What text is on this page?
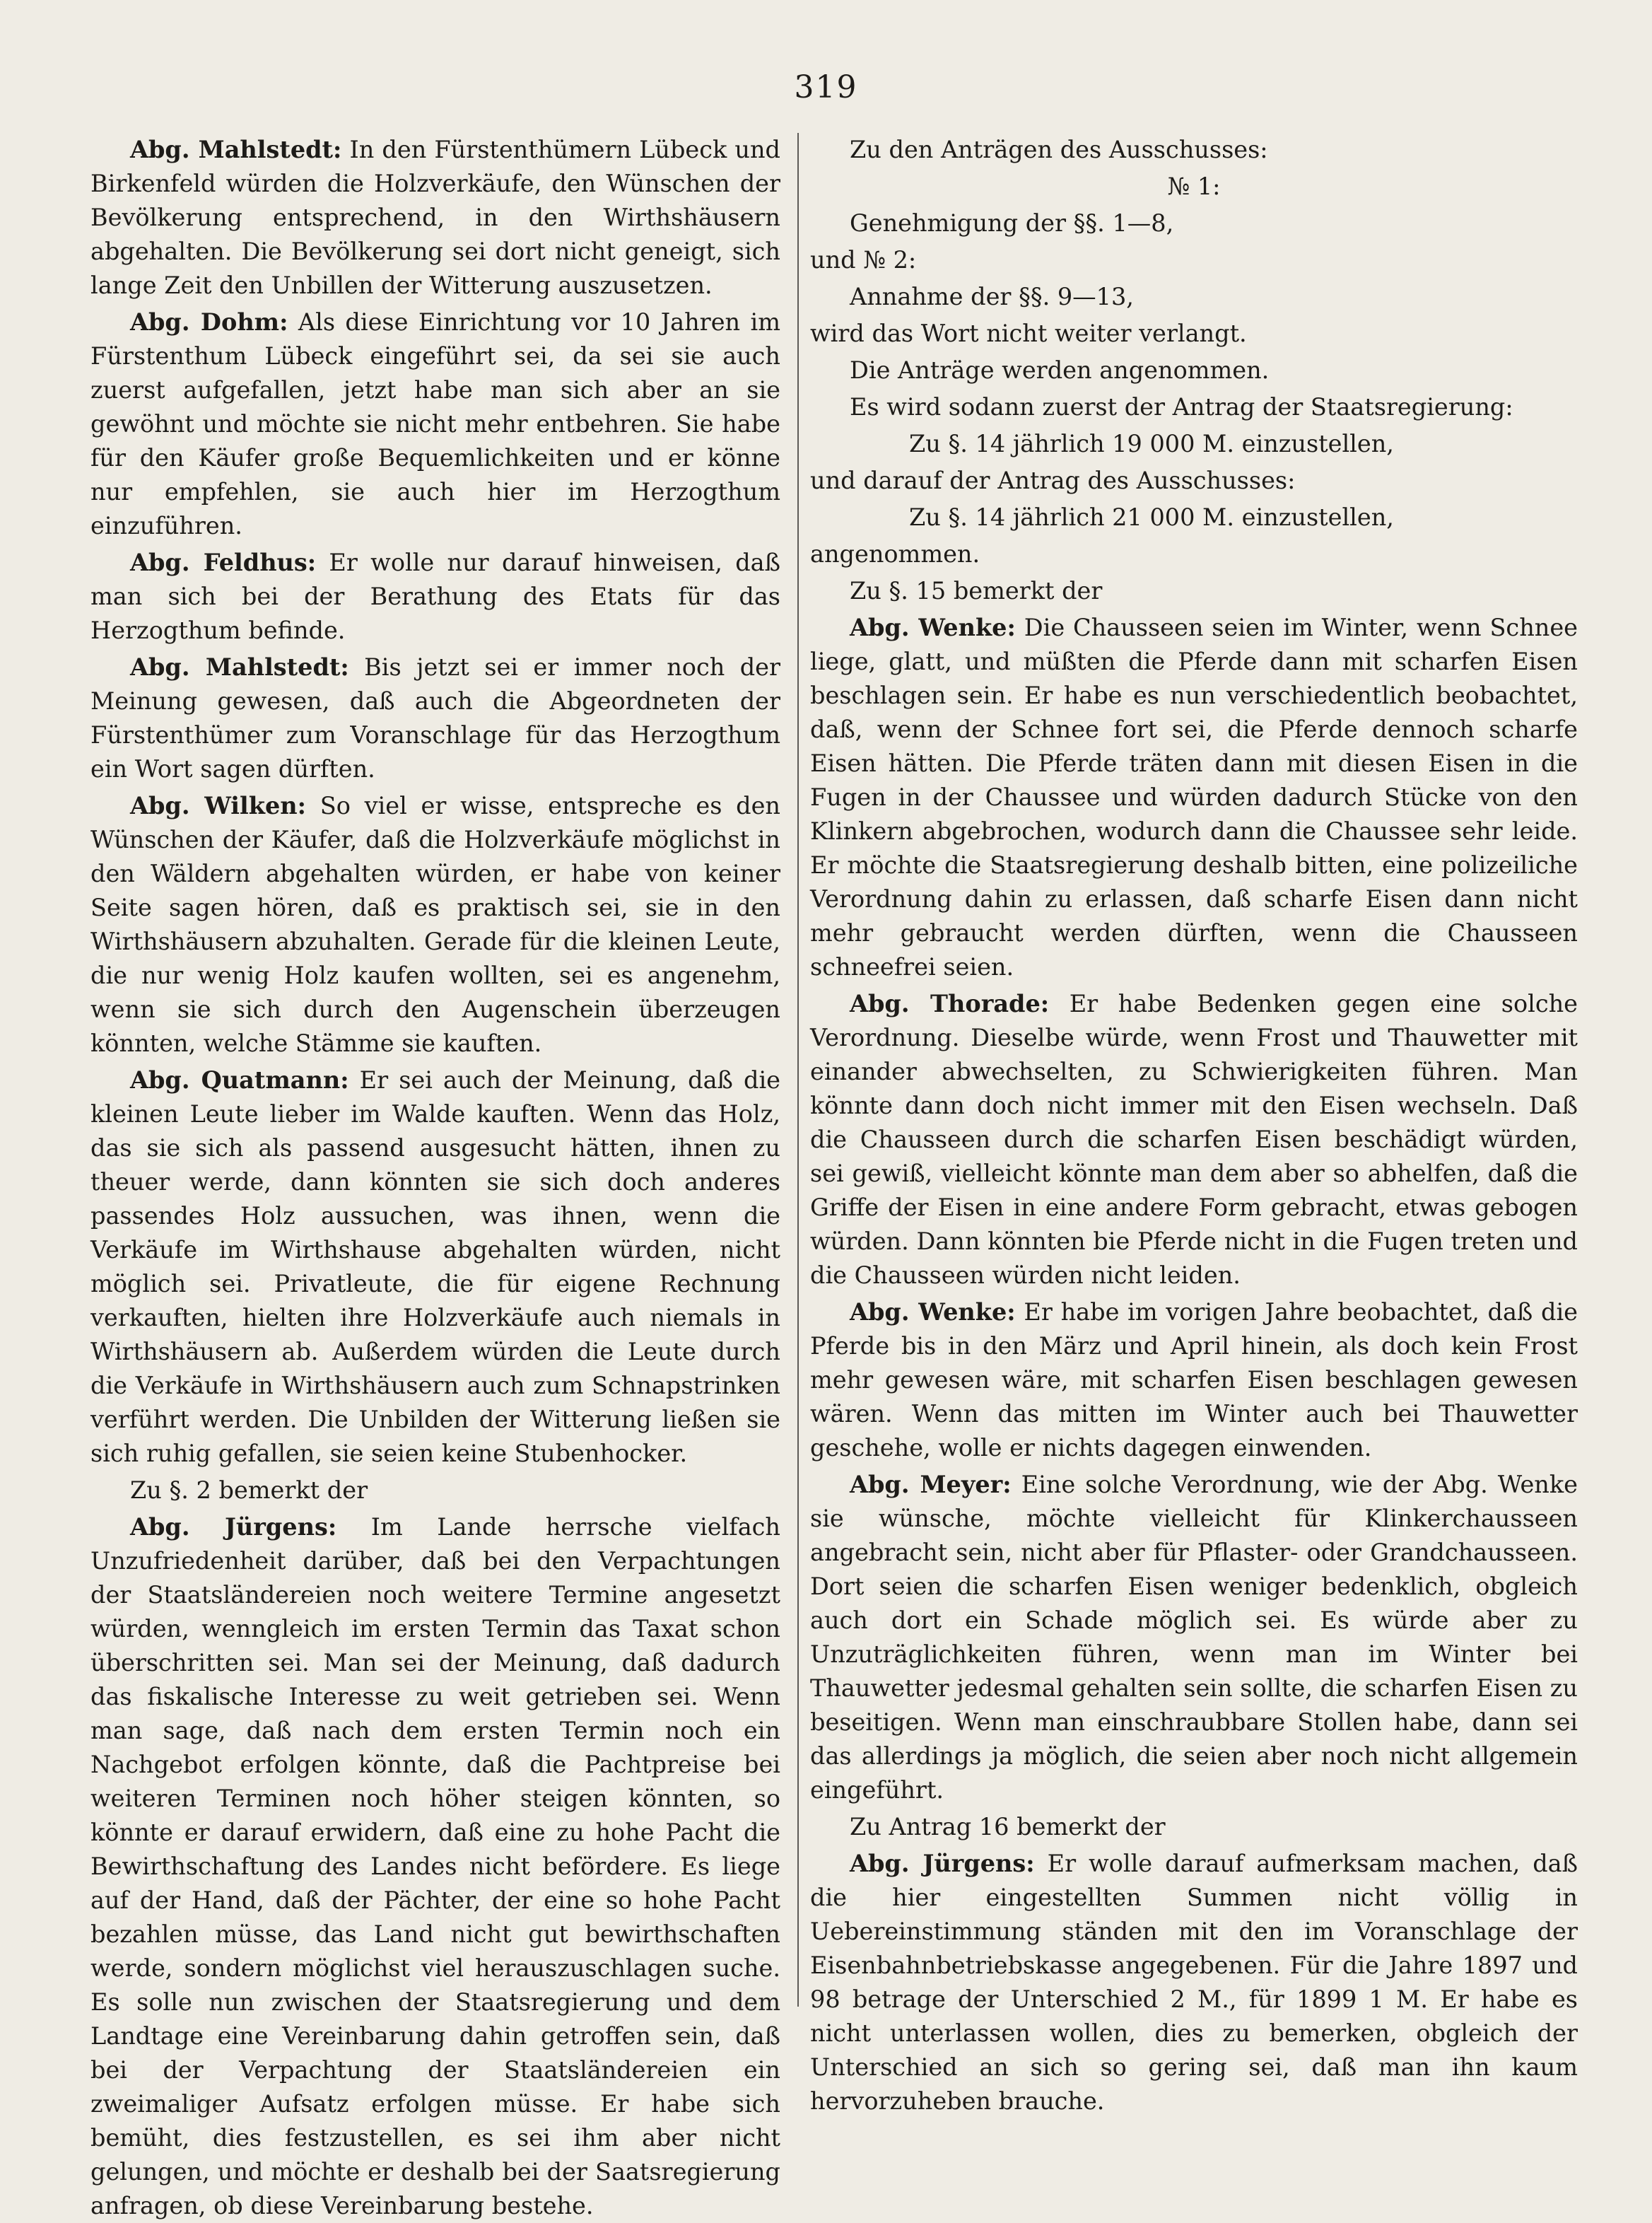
319

Abg. Mahlstedt: In den Fürstenthümern Lübeck und Birkenfeld würden die Holzverkäufe, den Wünschen der Bevölkerung entsprechend, in den Wirthshäusern abgehalten. Die Bevölkerung sei dort nicht geneigt, sich lange Zeit den Unbillen der Witterung auszusetzen.

Abg. Dohm: Als diese Einrichtung vor 10 Jahren im Fürstenthum Lübeck eingeführt sei, da sei sie auch zuerst aufgefallen, jetzt habe man sich aber an sie gewöhnt und möchte sie nicht mehr entbehren. Sie habe für den Käufer große Bequemlichkeiten und er könne nur empfehlen, sie auch hier im Herzogthum einzuführen.

Abg. Feldhus: Er wolle nur darauf hinweisen, daß man sich bei der Berathung des Etats für das Herzogthum befinde.

Abg. Mahlstedt: Bis jetzt sei er immer noch der Meinung gewesen, daß auch die Abgeordneten der Fürstenthümer zum Voranschlage für das Herzogthum ein Wort sagen dürften.

Abg. Wilken: So viel er wisse, entspreche es den Wünschen der Käufer, daß die Holzverkäufe möglichst in den Wäldern abgehalten würden, er habe von keiner Seite sagen hören, daß es praktisch sei, sie in den Wirthshäusern abzuhalten. Gerade für die kleinen Leute, die nur wenig Holz kaufen wollten, sei es angenehm, wenn sie sich durch den Augenschein überzeugen könnten, welche Stämme sie kauften.

Abg. Quatmann: Er sei auch der Meinung, daß die kleinen Leute lieber im Walde kauften. Wenn das Holz, das sie sich als passend ausgesucht hätten, ihnen zu theuer werde, dann könnten sie sich doch anderes passendes Holz aussuchen, was ihnen, wenn die Verkäufe im Wirthshause abgehalten würden, nicht möglich sei. Privatleute, die für eigene Rechnung verkauften, hielten ihre Holzverkäufe auch niemals in Wirthshäusern ab. Außerdem würden die Leute durch die Verkäufe in Wirthshäusern auch zum Schnapstrinken verführt werden. Die Unbilden der Witterung ließen sie sich ruhig gefallen, sie seien keine Stubenhocker.

Zu §. 2 bemerkt der

Abg. Jürgens: Im Lande herrsche vielfach Unzufriedenheit darüber, daß bei den Verpachtungen der Staatsländereien noch weitere Termine angesetzt würden, wenngleich im ersten Termin das Taxat schon überschritten sei. Man sei der Meinung, daß dadurch das fiskalische Interesse zu weit getrieben sei. Wenn man sage, daß nach dem ersten Termin noch ein Nachgebot erfolgen könnte, daß die Pachtpreise bei weiteren Terminen noch höher steigen könnten, so könnte er darauf erwidern, daß eine zu hohe Pacht die Bewirthschaftung des Landes nicht befördere. Es liege auf der Hand, daß der Pächter, der eine so hohe Pacht bezahlen müsse, das Land nicht gut bewirthschaften werde, sondern möglichst viel herauszuschlagen suche. Es solle nun zwischen der Staatsregierung und dem Landtage eine Vereinbarung dahin getroffen sein, daß bei der Verpachtung der Staatsländereien ein zweimaliger Aufsatz erfolgen müsse. Er habe sich bemüht, dies festzustellen, es sei ihm aber nicht gelungen, und möchte er deshalb bei der Saatsregierung anfragen, ob diese Vereinbarung bestehe.

Zu den Anträgen des Ausschusses:

№ 1:

Genehmigung der §§. 1—8,

und № 2:

Annahme der §§. 9—13,

wird das Wort nicht weiter verlangt.

Die Anträge werden angenommen.

Es wird sodann zuerst der Antrag der Staatsregierung:

Zu §. 14 jährlich 19 000 M. einzustellen,

und darauf der Antrag des Ausschusses:

Zu §. 14 jährlich 21 000 M. einzustellen,

angenommen.

Zu §. 15 bemerkt der

Abg. Wenke: Die Chausseen seien im Winter, wenn Schnee liege, glatt, und müßten die Pferde dann mit scharfen Eisen beschlagen sein. Er habe es nun verschiedentlich beobachtet, daß, wenn der Schnee fort sei, die Pferde dennoch scharfe Eisen hätten. Die Pferde träten dann mit diesen Eisen in die Fugen in der Chaussee und würden dadurch Stücke von den Klinkern abgebrochen, wodurch dann die Chaussee sehr leide. Er möchte die Staatsregierung deshalb bitten, eine polizeiliche Verordnung dahin zu erlassen, daß scharfe Eisen dann nicht mehr gebraucht werden dürften, wenn die Chausseen schneefrei seien.

Abg. Thorade: Er habe Bedenken gegen eine solche Verordnung. Dieselbe würde, wenn Frost und Thauwetter mit einander abwechselten, zu Schwierigkeiten führen. Man könnte dann doch nicht immer mit den Eisen wechseln. Daß die Chausseen durch die scharfen Eisen beschädigt würden, sei gewiß, vielleicht könnte man dem aber so abhelfen, daß die Griffe der Eisen in eine andere Form gebracht, etwas gebogen würden. Dann könnten bie Pferde nicht in die Fugen treten und die Chausseen würden nicht leiden.

Abg. Wenke: Er habe im vorigen Jahre beobachtet, daß die Pferde bis in den März und April hinein, als doch kein Frost mehr gewesen wäre, mit scharfen Eisen beschlagen gewesen wären. Wenn das mitten im Winter auch bei Thauwetter geschehe, wolle er nichts dagegen einwenden.

Abg. Meyer: Eine solche Verordnung, wie der Abg. Wenke sie wünsche, möchte vielleicht für Klinkerchausseen angebracht sein, nicht aber für Pflaster- oder Grandchausseen. Dort seien die scharfen Eisen weniger bedenklich, obgleich auch dort ein Schade möglich sei. Es würde aber zu Unzuträglichkeiten führen, wenn man im Winter bei Thauwetter jedesmal gehalten sein sollte, die scharfen Eisen zu beseitigen. Wenn man einschraubbare Stollen habe, dann sei das allerdings ja möglich, die seien aber noch nicht allgemein eingeführt.

Zu Antrag 16 bemerkt der

Abg. Jürgens: Er wolle darauf aufmerksam machen, daß die hier eingestellten Summen nicht völlig in Uebereinstimmung ständen mit den im Voranschlage der Eisenbahnbetriebskasse angegebenen. Für die Jahre 1897 und 98 betrage der Unterschied 2 M., für 1899 1 M. Er habe es nicht unterlassen wollen, dies zu bemerken, obgleich der Unterschied an sich so gering sei, daß man ihn kaum hervorzuheben brauche.
